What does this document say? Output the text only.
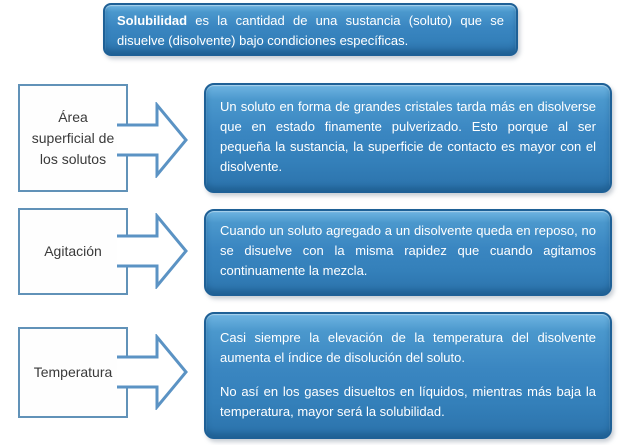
Solubilidad es la cantidad de una sustancia (soluto) que se disuelve (disolvente) bajo condiciones específicas.

Área
superficial de
los solutos

Un soluto en forma de grandes cristales tarda más en disolverse que en estado finamente pulverizado. Esto porque al ser pequeña la sustancia, la superficie de contacto es mayor con el disolvente.

Agitación

Cuando un soluto agregado a un disolvente queda en reposo, no se disuelve con la misma rapidez que cuando agitamos continuamente la mezcla.

Temperatura

Casi siempre la elevación de la temperatura del disolvente aumenta el índice de disolución del soluto.

No así en los gases disueltos en líquidos, mientras más baja la temperatura, mayor será la solubilidad.
